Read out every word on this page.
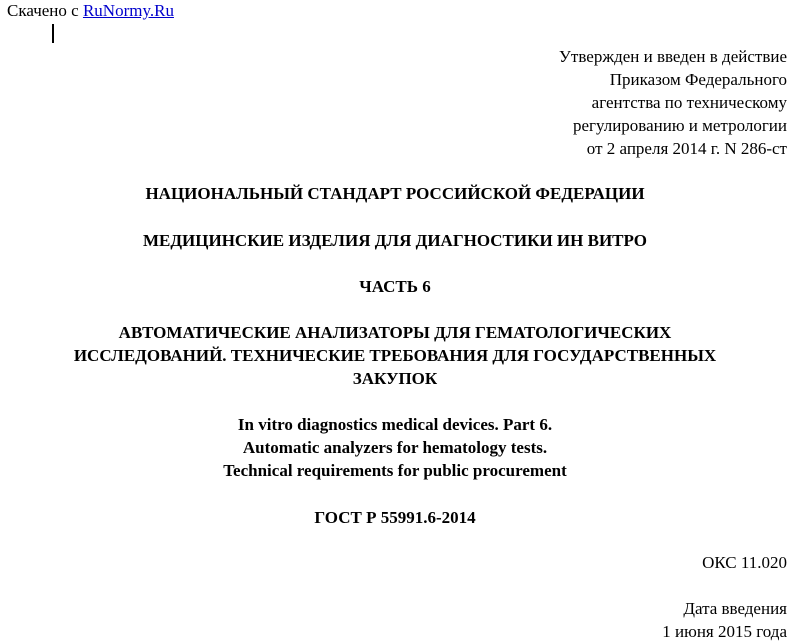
Скачено с RuNormy.Ru
Утвержден и введен в действие
Приказом Федерального
агентства по техническому
регулированию и метрологии
от 2 апреля 2014 г. N 286-ст
НАЦИОНАЛЬНЫЙ СТАНДАРТ РОССИЙСКОЙ ФЕДЕРАЦИИ
МЕДИЦИНСКИЕ ИЗДЕЛИЯ ДЛЯ ДИАГНОСТИКИ ИН ВИТРО
ЧАСТЬ 6
АВТОМАТИЧЕСКИЕ АНАЛИЗАТОРЫ ДЛЯ ГЕМАТОЛОГИЧЕСКИХ
ИССЛЕДОВАНИЙ. ТЕХНИЧЕСКИЕ ТРЕБОВАНИЯ ДЛЯ ГОСУДАРСТВЕННЫХ
ЗАКУПОК
In vitro diagnostics medical devices. Part 6.
Automatic analyzers for hematology tests.
Technical requirements for public procurement
ГОСТ Р 55991.6-2014
ОКС 11.020
Дата введения
1 июня 2015 года
